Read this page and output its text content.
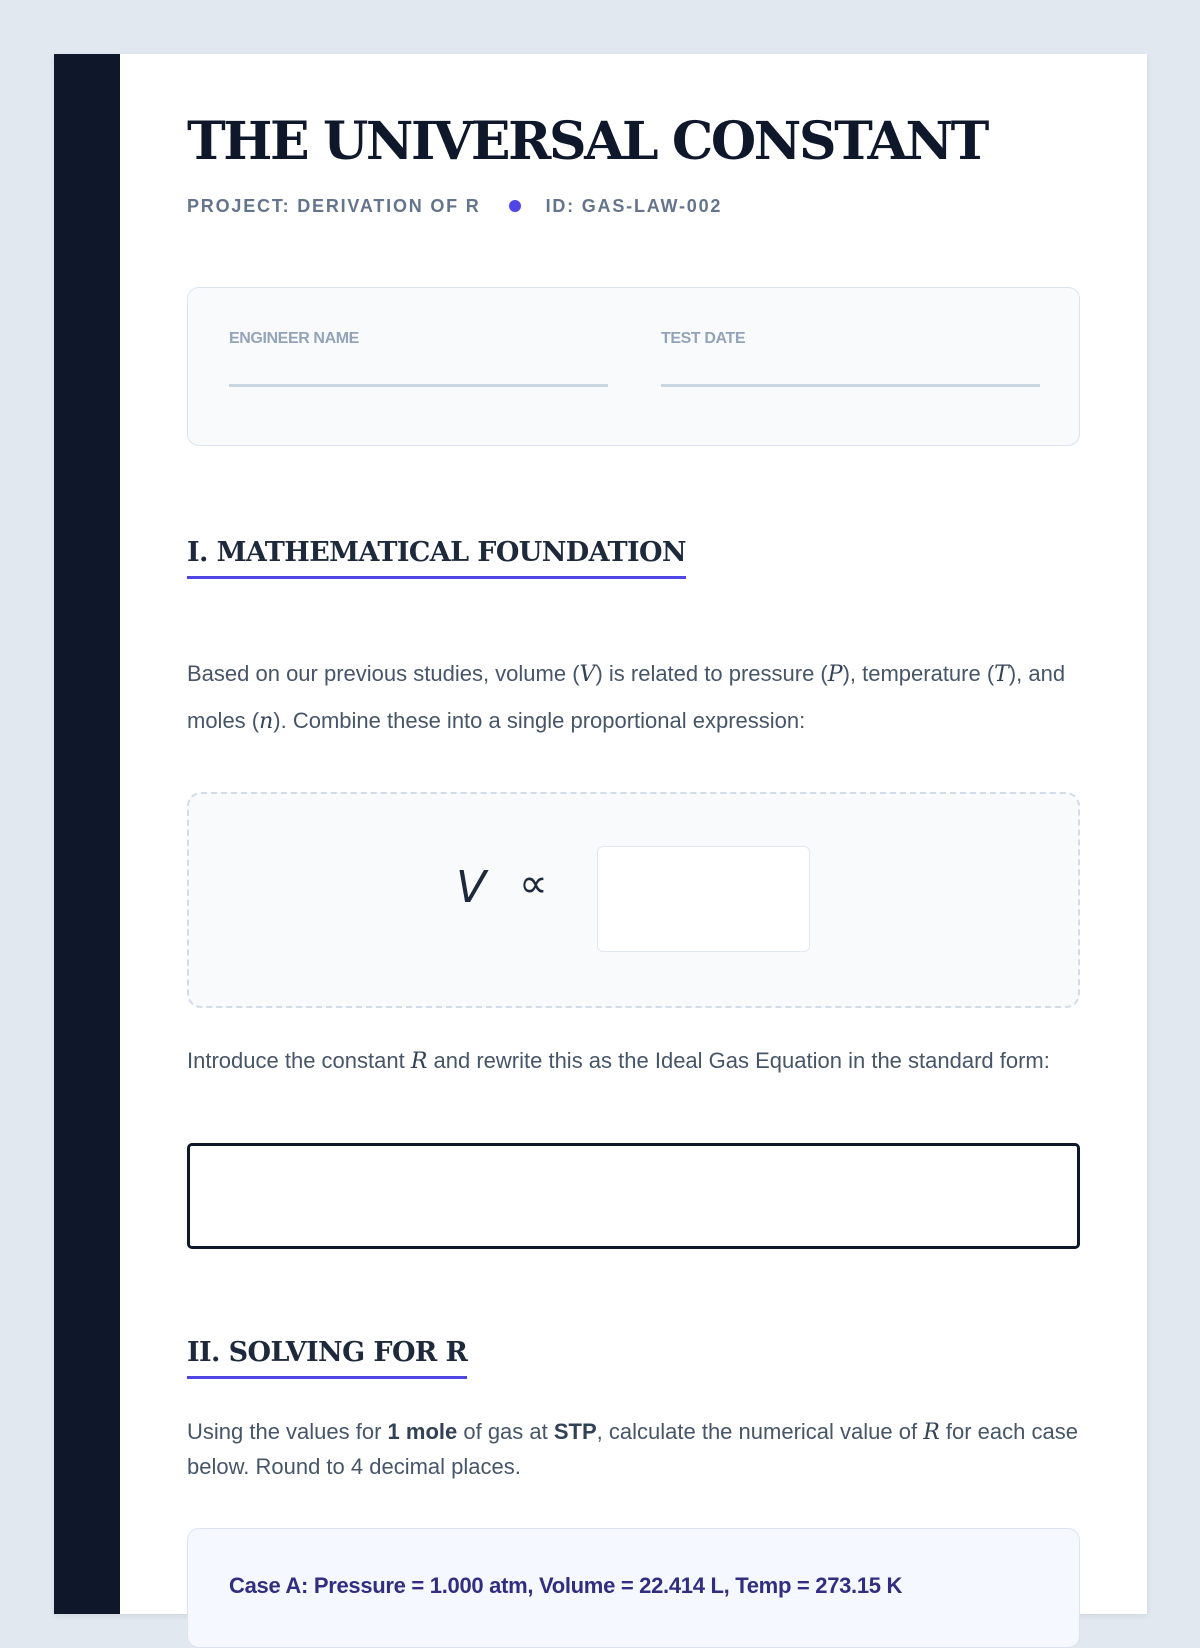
THE UNIVERSAL CONSTANT
PROJECT: DERIVATION OF R	ID: GAS-LAW-002
ENGINEER NAME	TEST DATE
I. MATHEMATICAL FOUNDATION

Based on our previous studies, volume (V) is related to pressure (P), temperature (T), and moles (n). Combine these into a single proportional expression:

V ∝

Introduce the constant R and rewrite this as the Ideal Gas Equation in the standard form:

II. SOLVING FOR R

Using the values for 1 mole of gas at STP, calculate the numerical value of R for each case below. Round to 4 decimal places.

Case A: Pressure = 1.000 atm, Volume = 22.414 L, Temp = 273.15 K
